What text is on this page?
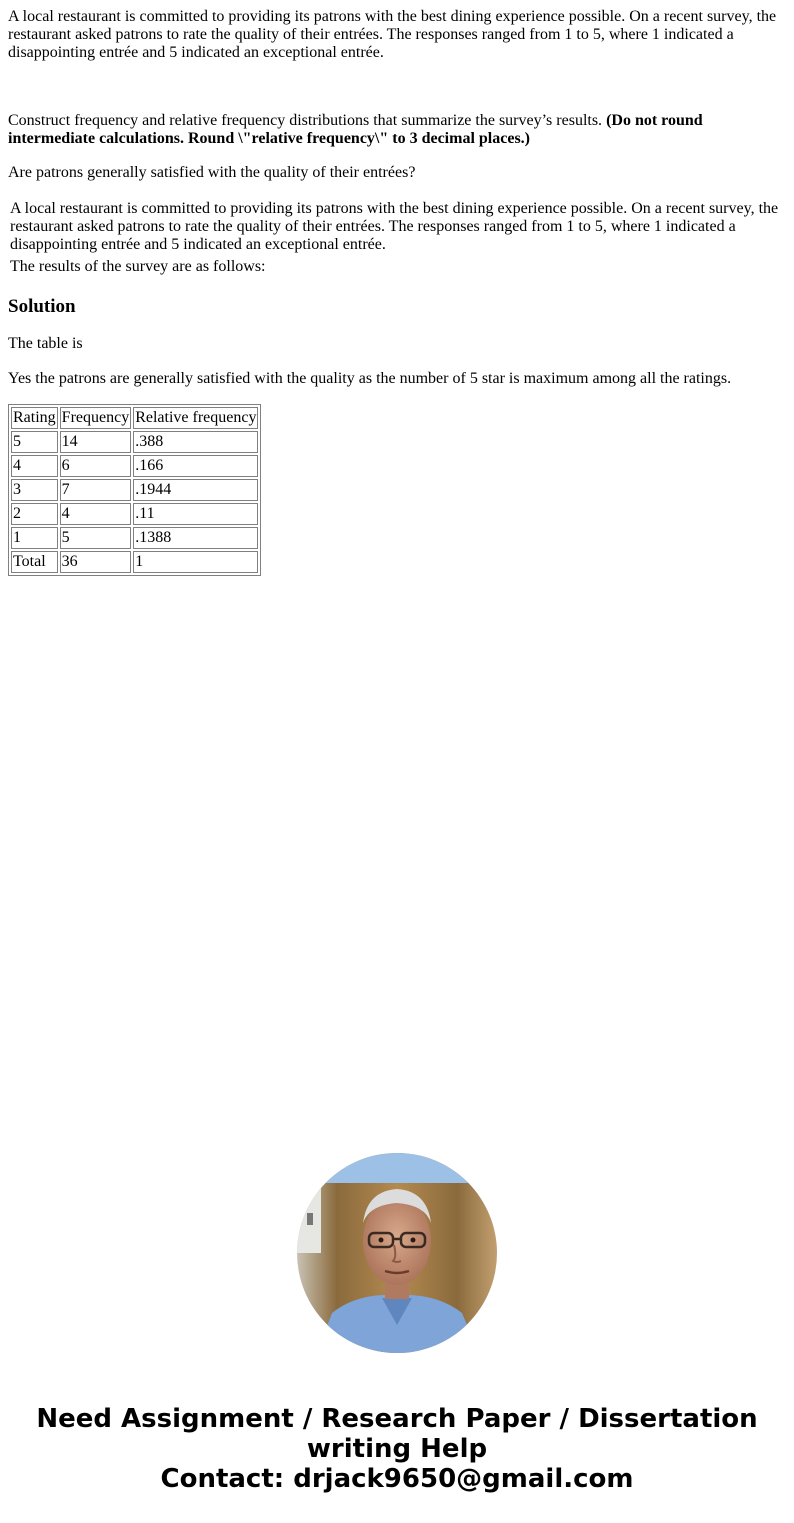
A local restaurant is committed to providing its patrons with the best dining experience possible. On a recent survey, the restaurant asked patrons to rate the quality of their entrées. The responses ranged from 1 to 5, where 1 indicated a disappointing entrée and 5 indicated an exceptional entrée.

Construct frequency and relative frequency distributions that summarize the survey’s results. (Do not round intermediate calculations. Round \"relative frequency\" to 3 decimal places.)

Are patrons generally satisfied with the quality of their entrées?

A local restaurant is committed to providing its patrons with the best dining experience possible. On a recent survey, the restaurant asked patrons to rate the quality of their entrées. The responses ranged from 1 to 5, where 1 indicated a disappointing entrée and 5 indicated an exceptional entrée.

The results of the survey are as follows:

Solution

The table is

Yes the patrons are generally satisfied with the quality as the number of 5 star is maximum among all the ratings.

Rating	Frequency	Relative frequency
5	14	.388
4	6	.166
3	7	.1944
2	4	.11
1	5	.1388
Total	36	1
Need Assignment / Research Paper / Dissertation writing Help
Contact: drjack9650@gmail.com
